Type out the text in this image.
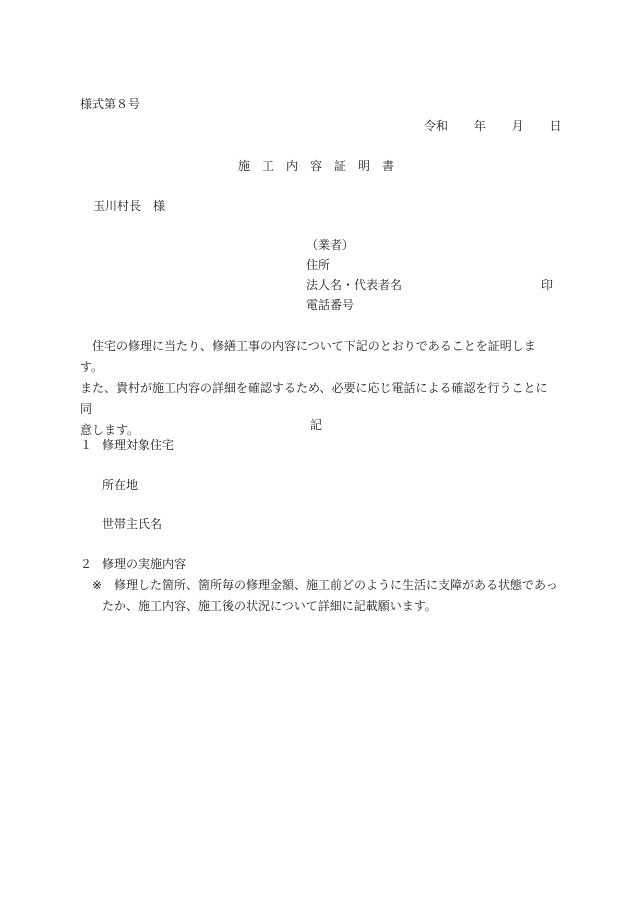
様式第８号
令和 年 月 日
施工内容証明書
玉川村長 様
（業者）
住所
法人名・代表者名
電話番号
印
住宅の修理に当たり、修繕工事の内容について下記のとおりであることを証明します。
また、貴村が施工内容の詳細を確認するため、必要に応じ電話による確認を行うことに同
意します。	記
１ 修理対象住宅
所在地
世帯主氏名
２ 修理の実施内容
※ 修理した箇所、箇所毎の修理金額、施工前どのように生活に支障がある状態であっ
たか、施工内容、施工後の状況について詳細に記載願います。
